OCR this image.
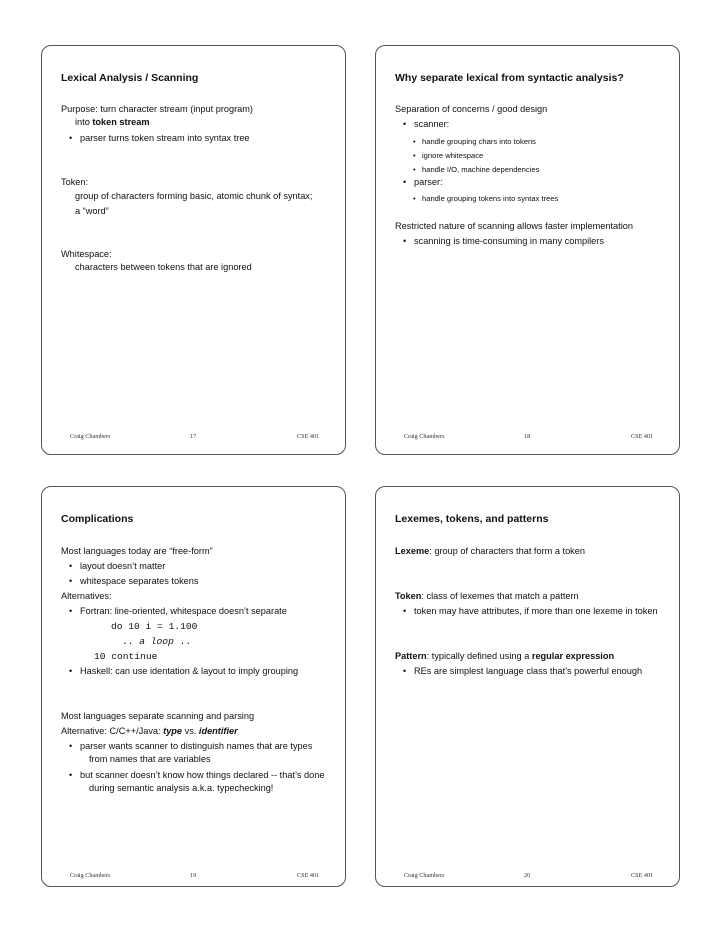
Lexical Analysis / Scanning
Purpose: turn character stream (input program)
into token stream
• parser turns token stream into syntax tree
Token:
group of characters forming basic, atomic chunk of syntax;
a “word”
Whitespace:
characters between tokens that are ignored
Craig Chambers	17	CSE 401
Why separate lexical from syntactic analysis?
Separation of concerns / good design
• scanner:
• handle grouping chars into tokens
• ignore whitespace
• handle I/O, machine dependencies
• parser:
• handle grouping tokens into syntax trees
Restricted nature of scanning allows faster implementation
• scanning is time-consuming in many compilers
Craig Chambers	18	CSE 401
Complications
Most languages today are “free-form”
• layout doesn’t matter
• whitespace separates tokens
Alternatives:
• Fortran: line-oriented, whitespace doesn’t separate
do 10 i = 1.100
.. a loop ..
10 continue
• Haskell: can use identation & layout to imply grouping
Most languages separate scanning and parsing
Alternative: C/C++/Java: type vs. identifier
• parser wants scanner to distinguish names that are types
from names that are variables
• but scanner doesn’t know how things declared -- that’s done
during semantic analysis a.k.a. typechecking!
Craig Chambers	19	CSE 401
Lexemes, tokens, and patterns
Lexeme: group of characters that form a token
Token: class of lexemes that match a pattern
• token may have attributes, if more than one lexeme in token
Pattern: typically defined using a regular expression
• REs are simplest language class that’s powerful enough
Craig Chambers	20	CSE 401
